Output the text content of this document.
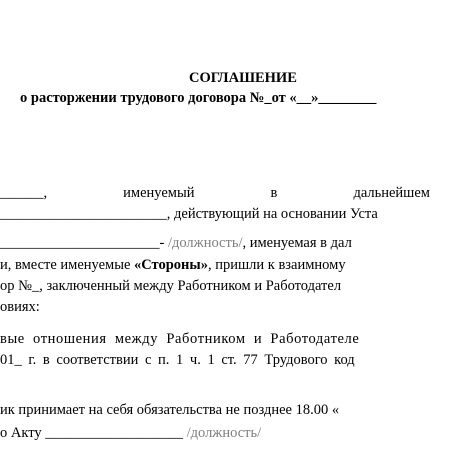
СОГЛАШЕНИЕ
о расторжении трудового договора №_от «__»________
______,	именуемый	в	дальнейшем
_______________________, действующий на основании Уста
______________________- /должность/, именуемая в дал
и, вместе именуемые «Стороны», пришли к взаимному
ор №_, заключенный между Работником и Работодател
овиях:
вые отношения между Работником и Работодателе
01_ г. в соответствии с п. 1 ч. 1 ст. 77 Трудового код
ик принимает на себя обязательства не позднее 18.00 «
о Акту ___________________ /должность/
